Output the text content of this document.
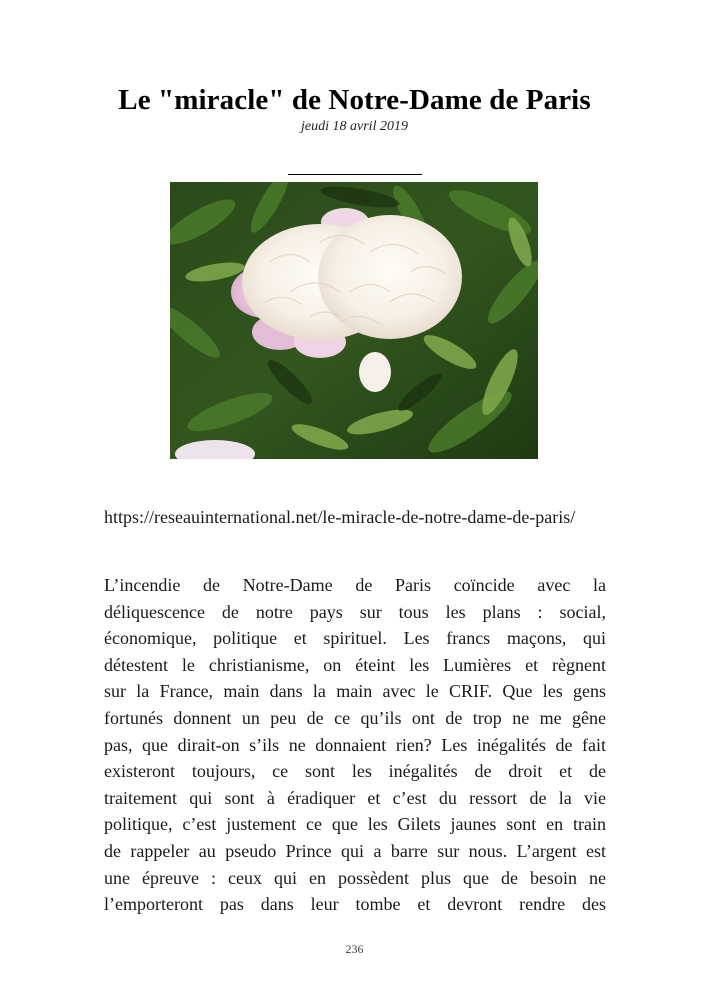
Le "miracle" de Notre-Dame de Paris
jeudi 18 avril 2019

https://reseauinternational.net/le-miracle-de-notre-dame-de-paris/

L’incendie de Notre-Dame de Paris coïncide avec la
déliquescence de notre pays sur tous les plans : social,
économique, politique et spirituel. Les francs maçons, qui
détestent le christianisme, on éteint les Lumières et règnent
sur la France, main dans la main avec le CRIF. Que les gens
fortunés donnent un peu de ce qu’ils ont de trop ne me gêne
pas, que dirait-on s’ils ne donnaient rien? Les inégalités de fait
existeront toujours, ce sont les inégalités de droit et de
traitement qui sont à éradiquer et c’est du ressort de la vie
politique, c’est justement ce que les Gilets jaunes sont en train
de rappeler au pseudo Prince qui a barre sur nous. L’argent est
une épreuve : ceux qui en possèdent plus que de besoin ne
l’emporteront pas dans leur tombe et devront rendre des
236
